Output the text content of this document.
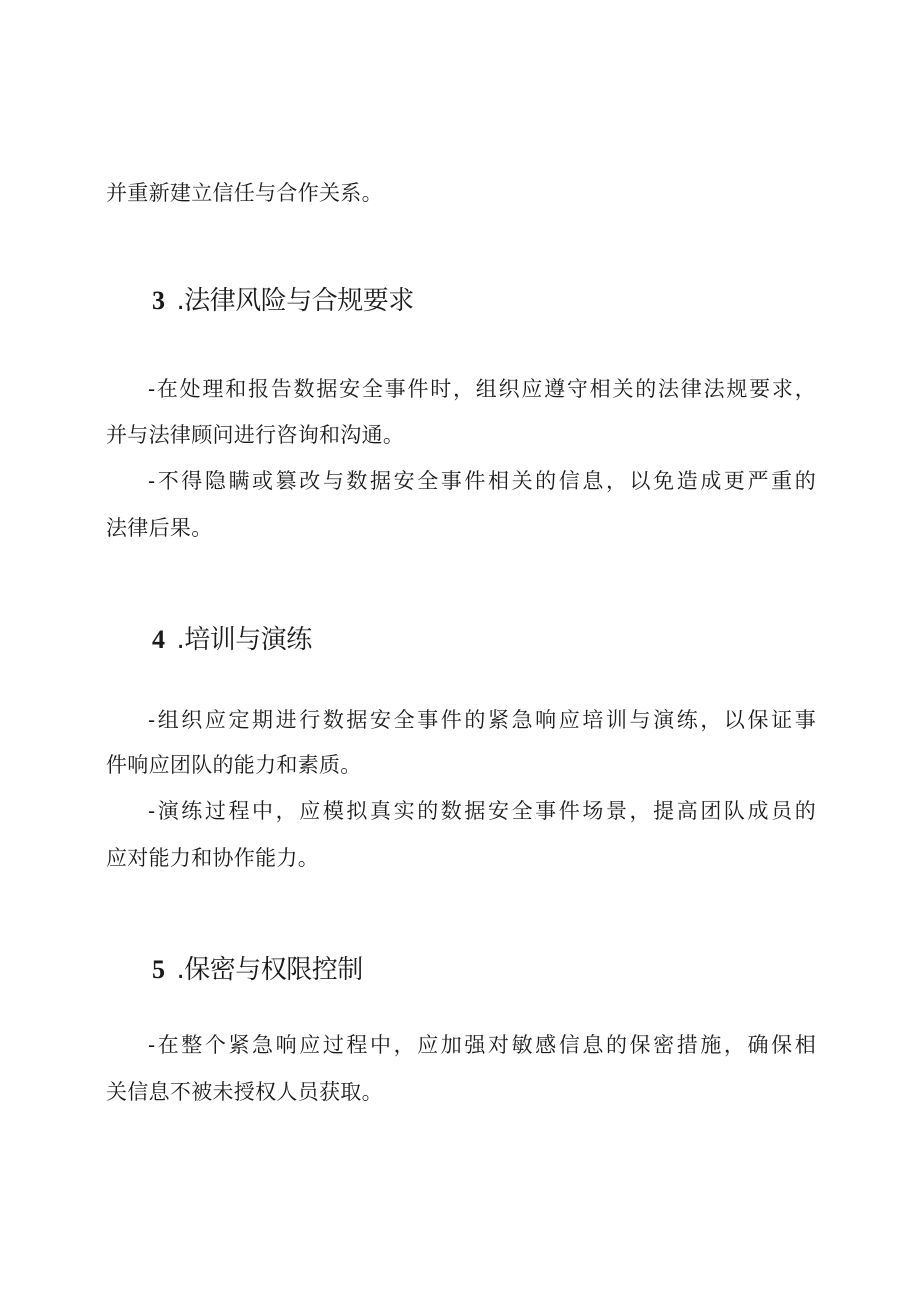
并重新建立信任与合作关系。
3 .法律风险与合规要求
-在处理和报告数据安全事件时，组织应遵守相关的法律法规要求，
并与法律顾问进行咨询和沟通。
-不得隐瞒或篡改与数据安全事件相关的信息，以免造成更严重的
法律后果。
4 .培训与演练
-组织应定期进行数据安全事件的紧急响应培训与演练，以保证事
件响应团队的能力和素质。
-演练过程中，应模拟真实的数据安全事件场景，提高团队成员的
应对能力和协作能力。
5 .保密与权限控制
-在整个紧急响应过程中，应加强对敏感信息的保密措施，确保相
关信息不被未授权人员获取。
